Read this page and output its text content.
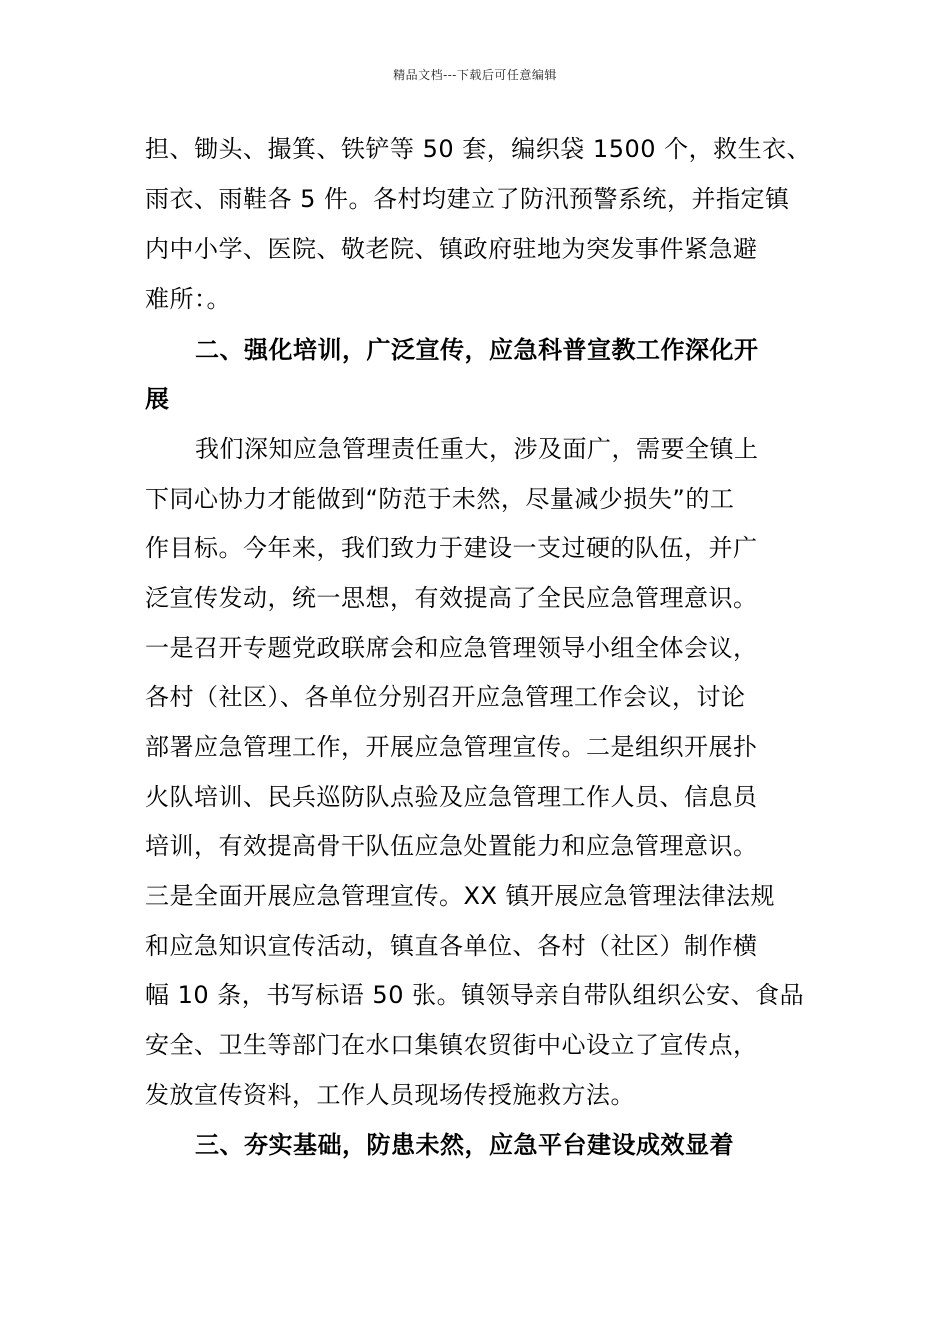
精品文档---下载后可任意编辑
担、锄头、撮箕、铁铲等 50 套，编织袋 1500 个，救生衣、
雨衣、雨鞋各 5 件。各村均建立了防汛预警系统，并指定镇
内中小学、医院、敬老院、镇政府驻地为突发事件紧急避
难所：。
二、强化培训，广泛宣传，应急科普宣教工作深化开
展
我们深知应急管理责任重大，涉及面广，需要全镇上
下同心协力才能做到“防范于未然，尽量减少损失”的工
作目标。今年来，我们致力于建设一支过硬的队伍，并广
泛宣传发动，统一思想，有效提高了全民应急管理意识。
一是召开专题党政联席会和应急管理领导小组全体会议，
各村（社区）、各单位分别召开应急管理工作会议，讨论
部署应急管理工作，开展应急管理宣传。二是组织开展扑
火队培训、民兵巡防队点验及应急管理工作人员、信息员
培训，有效提高骨干队伍应急处置能力和应急管理意识。
三是全面开展应急管理宣传。XX 镇开展应急管理法律法规
和应急知识宣传活动，镇直各单位、各村（社区）制作横
幅 10 条，书写标语 50 张。镇领导亲自带队组织公安、食品
安全、卫生等部门在水口集镇农贸街中心设立了宣传点，
发放宣传资料，工作人员现场传授施救方法。
三、夯实基础，防患未然，应急平台建设成效显着
